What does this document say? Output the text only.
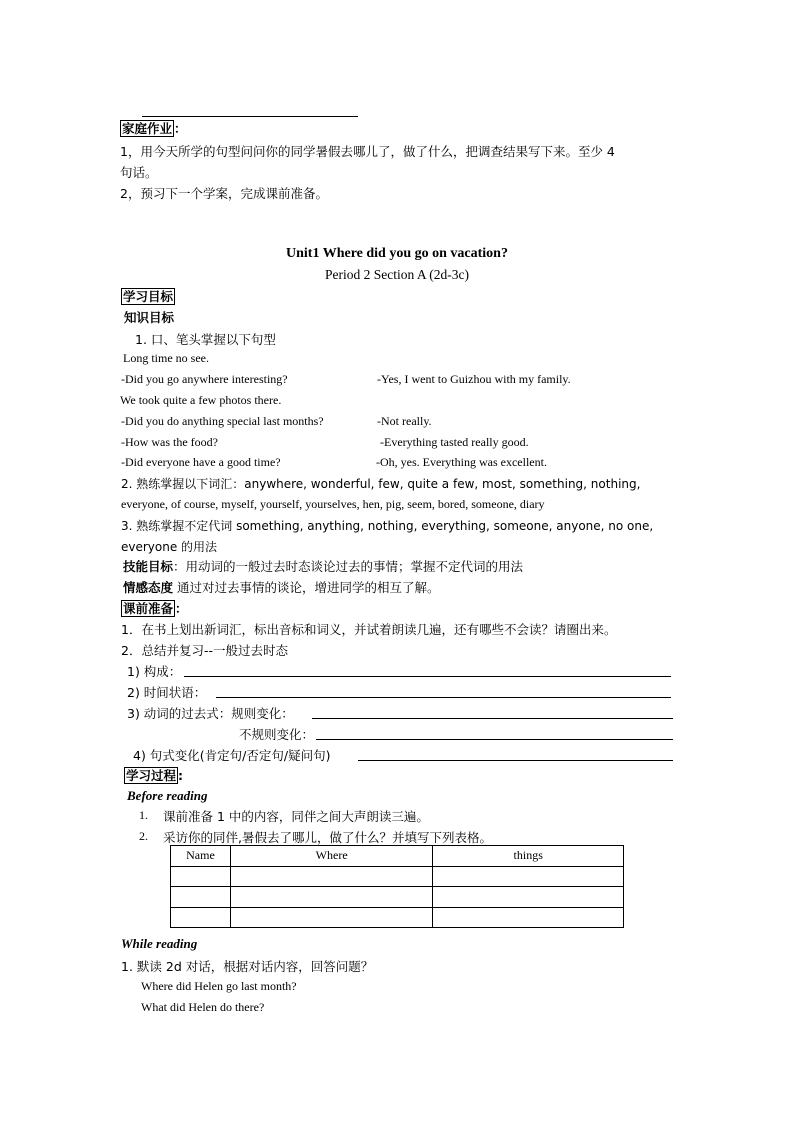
家庭作业 ：
1，用今天所学的句型问问你的同学暑假去哪儿了，做了什么，把调查结果写下来。至少 4
句话。
2，预习下一个学案，完成课前准备。
Unit1 Where did you go on vacation?
Period 2 Section A (2d-3c)
学习目标
知识目标
1. 口、笔头掌握以下句型
Long time no see.
-Did you go anywhere interesting?	-Yes, I went to Guizhou with my family.
We took quite a few photos there.
-Did you do anything special last months?	-Not really.
-How was the food?	-Everything tasted really good.
-Did everyone have a good time?	-Oh, yes. Everything was excellent.
2. 熟练掌握以下词汇：anywhere, wonderful, few, quite a few, most, something, nothing,
everyone, of course, myself, yourself, yourselves, hen, pig, seem, bored, someone, diary
3. 熟练掌握不定代词 something, anything, nothing, everything, someone, anyone, no one,
everyone 的用法
技能目标：用动词的一般过去时态谈论过去的事情；掌握不定代词的用法
情感态度 通过对过去事情的谈论，增进同学的相互了解。
课前准备 ：
1．在书上划出新词汇，标出音标和词义，并试着朗读几遍，还有哪些不会读？请圈出来。
2．总结并复习--一般过去时态
1) 构成：
2) 时间状语：
3) 动词的过去式：规则变化：
不规则变化：
4) 句式变化(肯定句/否定句/疑问句)
学习过程 :
Before reading
1. 课前准备 1 中的内容，同伴之间大声朗读三遍。
2. 采访你的同伴,暑假去了哪儿，做了什么？并填写下列表格。
Name	Where	things

While reading
1. 默读 2d 对话，根据对话内容，回答问题？
Where did Helen go last month?
What did Helen do there?
